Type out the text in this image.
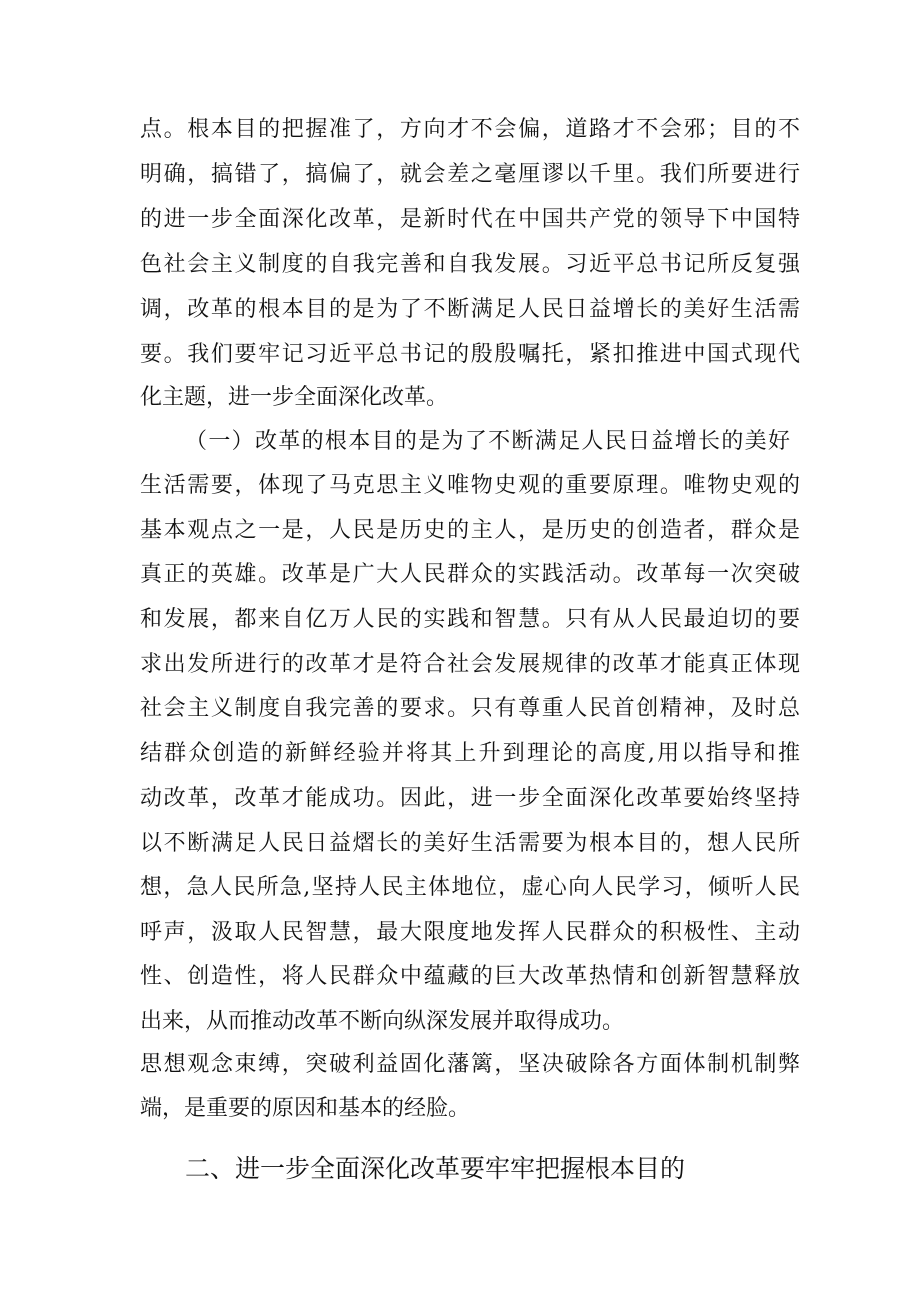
点。根本目的把握准了，方向才不会偏，道路才不会邪；目的不
明确，搞错了，搞偏了，就会差之毫厘谬以千里。我们所要进行
的进一步全面深化改革，是新时代在中国共产党的领导下中国特
色社会主义制度的自我完善和自我发展。习近平总书记所反复强
调，改革的根本目的是为了不断满足人民日益增长的美好生活需
要。我们要牢记习近平总书记的殷殷嘱托，紧扣推进中国式现代
化主题，进一步全面深化改革。
（一）改革的根本目的是为了不断满足人民日益增长的美好
生活需要，体现了马克思主义唯物史观的重要原理。唯物史观的
基本观点之一是，人民是历史的主人，是历史的创造者，群众是
真正的英雄。改革是广大人民群众的实践活动。改革每一次突破
和发展，都来自亿万人民的实践和智慧。只有从人民最迫切的要
求出发所进行的改革才是符合社会发展规律的改革才能真正体现
社会主义制度自我完善的要求。只有尊重人民首创精神，及时总
结群众创造的新鲜经验并将其上升到理论的高度,用以指导和推
动改革，改革才能成功。因此，进一步全面深化改革要始终坚持
以不断满足人民日益熠长的美好生活需要为根本目的，想人民所
想，急人民所急,坚持人民主体地位，虚心向人民学习，倾听人民
呼声，汲取人民智慧，最大限度地发挥人民群众的积极性、主动
性、创造性，将人民群众中蕴藏的巨大改革热情和创新智慧释放
出来，从而推动改革不断向纵深发展并取得成功。
思想观念束缚，突破利益固化藩篱，坚决破除各方面体制机制弊
端，是重要的原因和基本的经脸。
二、进一步全面深化改革要牢牢把握根本目的
